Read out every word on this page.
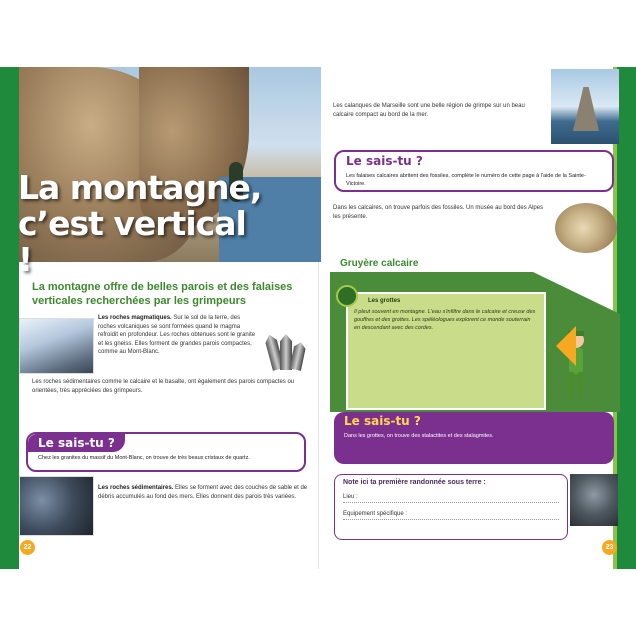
La montagne,
c’est vertical !
La montagne offre de belles parois et des falaises verticales recherchées par les grimpeurs
Les roches magmatiques. Sur le sol de la terre, des roches volcaniques se sont formées quand le magma refroidit en profondeur. Les roches obtenues sont le granite et les gneiss. Elles forment de grandes parois compactes, comme au Mont-Blanc.
Les roches sédimentaires comme le calcaire et le basalte, ont également des parois compactes ou orientées, très appréciées des grimpeurs.
Le sais-tu ?
Chez les granites du massif du Mont-Blanc, on trouve de très beaux cristaux de quartz.
Les roches sédimentaires. Elles se forment avec des couches de sable et de débris accumulés au fond des mers. Elles donnent des parois très variées.
22
Les calanques de Marseille sont une belle région de grimpe sur un beau calcaire compact au bord de la mer.
Le sais-tu ?
Les falaises calcaires abritent des fossiles, complète le numéro de cette page à l'aide de la Sainte-Victoire.
Dans les calcaires, on trouve parfois des fossiles. Un musée au bord des Alpes les présente.
Gruyère calcaire
Les grottes
Il pleut souvent en montagne. L'eau s'infiltre dans le calcaire et creuse des gouffres et des grottes. Les spéléologues explorent ce monde souterrain en descendant avec des cordes.
Le sais-tu ?
Dans les grottes, on trouve des stalactites et des stalagmites.
Note ici ta première randonnée sous terre :
Lieu :
Equipement spécifique :
23
